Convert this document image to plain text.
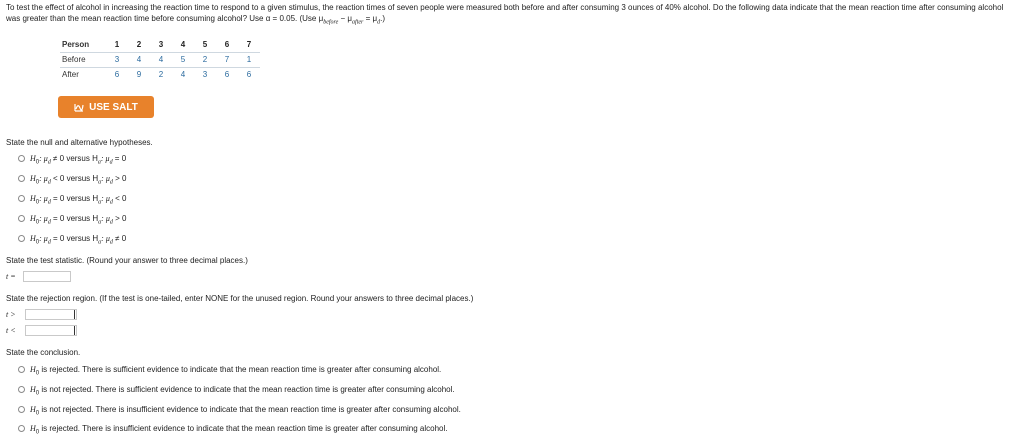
To test the effect of alcohol in increasing the reaction time to respond to a given stimulus, the reaction times of seven people were measured both before and after consuming 3 ounces of 40% alcohol. Do the following data indicate that the mean reaction time after consuming alcohol was greater than the mean reaction time before consuming alcohol? Use α = 0.05. (Use $\mu_{before} - \mu_{after} = \mu_d$.)
Person	1	2	3	4	5	6	7
Before	3	4	4	5	2	7	1
After	6	9	2	4	3	6	6
USE SALT
State the null and alternative hypotheses.
$H_0$: $\mu_d \ne 0$ versus $H_a$: $\mu_d = 0$
$H_0$: $\mu_d < 0$ versus $H_a$: $\mu_d > 0$
$H_0$: $\mu_d = 0$ versus $H_a$: $\mu_d < 0$
$H_0$: $\mu_d = 0$ versus $H_a$: $\mu_d > 0$
$H_0$: $\mu_d = 0$ versus $H_a$: $\mu_d \ne 0$
State the test statistic. (Round your answer to three decimal places.)
t =
State the rejection region. (If the test is one-tailed, enter NONE for the unused region. Round your answers to three decimal places.)
t >
t <
State the conclusion.
$H_0$ is rejected. There is sufficient evidence to indicate that the mean reaction time is greater after consuming alcohol.
$H_0$ is not rejected. There is sufficient evidence to indicate that the mean reaction time is greater after consuming alcohol.
$H_0$ is not rejected. There is insufficient evidence to indicate that the mean reaction time is greater after consuming alcohol.
$H_0$ is rejected. There is insufficient evidence to indicate that the mean reaction time is greater after consuming alcohol.
